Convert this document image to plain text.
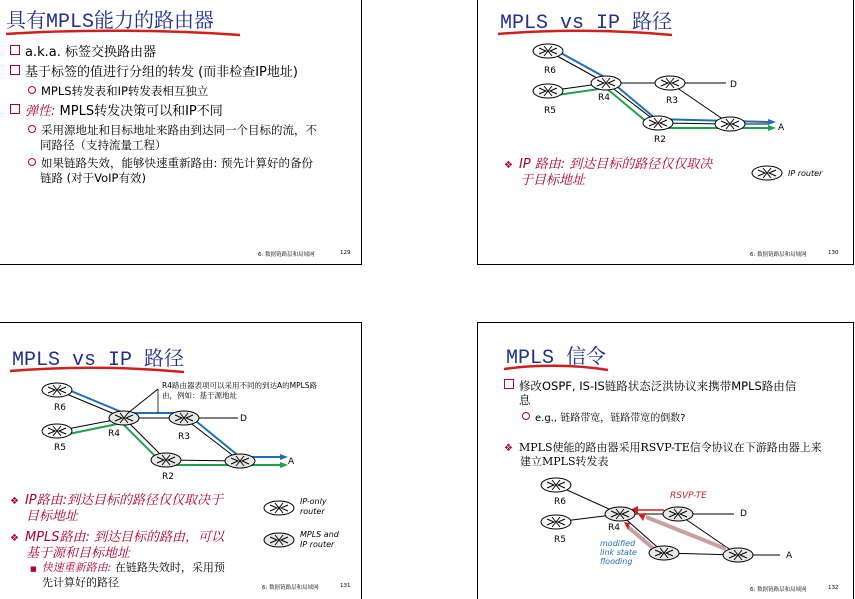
具有MPLS能力的路由器
a.k.a. 标签交换路由器
基于标签的值进行分组的转发 (而非检查IP地址)
MPLS转发表和IP转发表相互独立
弹性: MPLS转发决策可以和IP不同
采用源地址和目标地址来路由到达同一个目标的流，不
同路径（支持流量工程）
如果链路失效，能够快速重新路由: 预先计算好的备份
链路 (对于VoIP有效)
6: 数据链路层和局域网	129
MPLS vs IP 路径
R6
R5
R4	R3
R2
D
A
❖ IP 路由: 到达目标的路径仅仅取决
于目标地址	IP router
6: 数据链路层和局域网	130
MPLS vs IP 路径
R4路由器表项可以采用不同的到达A的MPLS路
由，例如：基于源地址
R6
R5
R4	R3
R2
D
A
❖ IP路由:到达目标的路径仅仅取决于
目标地址
❖ MPLS路由: 到达目标的路由，可以
基于源和目标地址
■ 快速重新路由: 在链路失效时，采用预
先计算好的路径
IP-only
router
MPLS and
IP router
6: 数据链路层和局域网	131
MPLS 信令
修改OSPF, IS-IS链路状态泛洪协议来携带MPLS路由信
息
e.g., 链路带宽，链路带宽的倒数?
❖ MPLS使能的路由器采用RSVP-TE信令协议在下游路由器上来
建立MPLS转发表
R6
R5
R4
D
A
RSVP-TE
modified
link state
flooding
6: 数据链路层和局域网	132
